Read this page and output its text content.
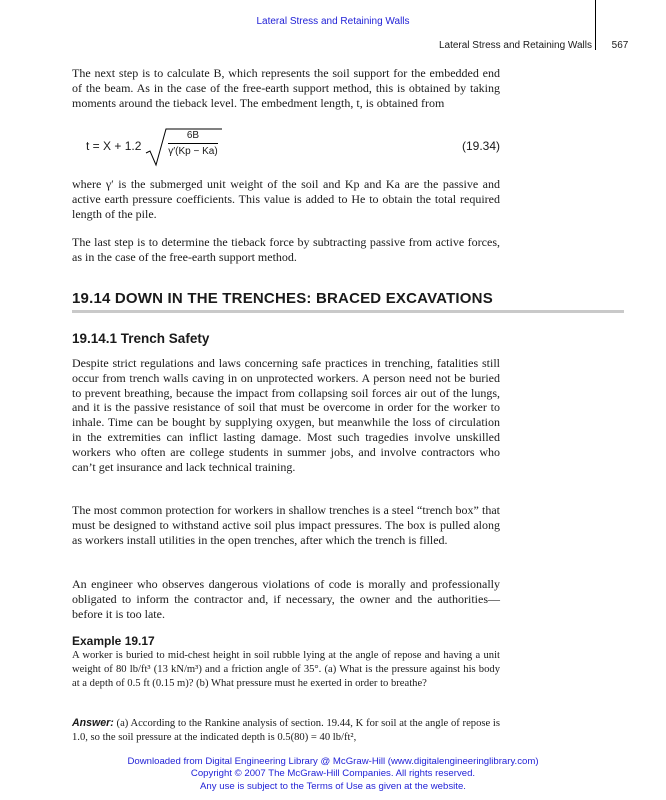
Lateral Stress and Retaining Walls
Lateral Stress and Retaining Walls	567

The next step is to calculate B, which represents the soil support for the embedded end of the beam. As in the case of the free-earth support method, this is obtained by taking moments around the tieback level. The embedment length, t, is obtained from

t = X + 1.2
6B
γ′(Kp − Ka)	(19.34)

where γ′ is the submerged unit weight of the soil and Kp and Ka are the passive and active earth pressure coefficients. This value is added to He to obtain the total required length of the pile.

The last step is to determine the tieback force by subtracting passive from active forces, as in the case of the free-earth support method.

19.14 DOWN IN THE TRENCHES: BRACED EXCAVATIONS
19.14.1 Trench Safety

Despite strict regulations and laws concerning safe practices in trenching, fatalities still occur from trench walls caving in on unprotected workers. A person need not be buried to prevent breathing, because the impact from collapsing soil forces air out of the lungs, and it is the passive resistance of soil that must be overcome in order for the worker to inhale. Time can be bought by supplying oxygen, but meanwhile the loss of circulation in the extremities can inflict lasting damage. Most such tragedies involve unskilled workers who often are college students in summer jobs, and involve contractors who can’t get insurance and lack technical training.

The most common protection for workers in shallow trenches is a steel “trench box” that must be designed to withstand active soil plus impact pressures. The box is pulled along as workers install utilities in the open trenches, after which the trench is filled.

An engineer who observes dangerous violations of code is morally and professionally obligated to inform the contractor and, if necessary, the owner and the authorities—before it is too late.

Example 19.17

A worker is buried to mid-chest height in soil rubble lying at the angle of repose and having a unit weight of 80 lb/ft³ (13 kN/m³) and a friction angle of 35°. (a) What is the pressure against his body at a depth of 0.5 ft (0.15 m)? (b) What pressure must he exerted in order to breathe?

Answer: (a) According to the Rankine analysis of section. 19.44, K for soil at the angle of repose is 1.0, so the soil pressure at the indicated depth is 0.5(80) = 40 lb/ft²,

Downloaded from Digital Engineering Library @ McGraw-Hill (www.digitalengineeringlibrary.com)
Copyright © 2007 The McGraw-Hill Companies. All rights reserved.
Any use is subject to the Terms of Use as given at the website.
